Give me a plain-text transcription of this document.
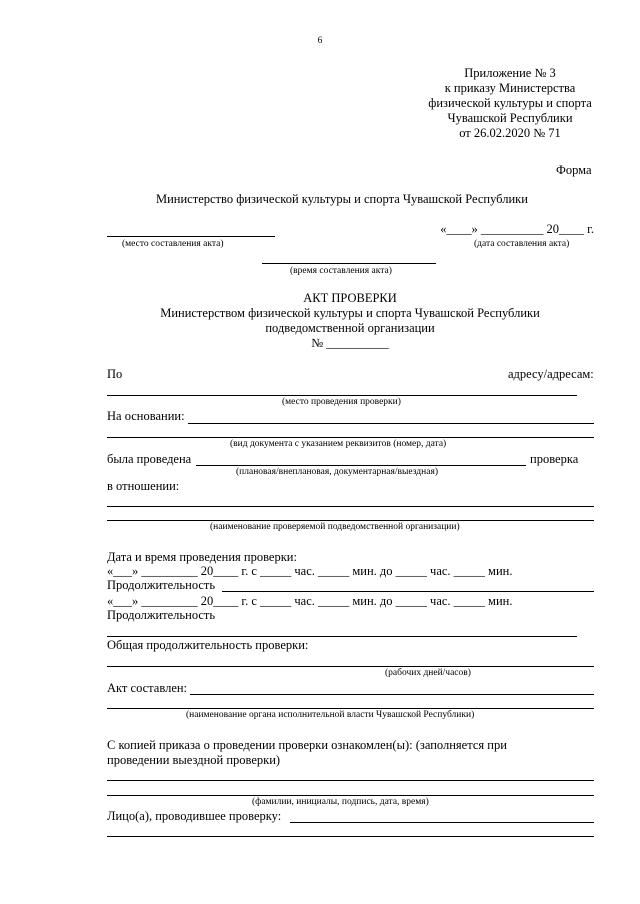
6
Приложение № 3
к приказу Министерства
физической культуры и спорта
Чувашской Республики
от 26.02.2020 № 71
Форма
Министерство физической культуры и спорта Чувашской Республики
(место составления акта)
«____» __________ 20____ г.
(дата составления акта)
(время составления акта)
АКТ ПРОВЕРКИ
Министерством физической культуры и спорта Чувашской Республики
подведомственной организации
№ __________
По	адресу/адресам:
(место проведения проверки)
На основании:
(вид документа с указанием реквизитов (номер, дата)
была проведена	проверка
(плановая/внеплановая, документарная/выездная)
в отношении:
(наименование проверяемой подведомственной организации)
Дата и время проведения проверки:
«___» _________ 20____ г. с _____ час. _____ мин. до _____ час. _____ мин.
Продолжительность
«___» _________ 20____ г. с _____ час. _____ мин. до _____ час. _____ мин.
Продолжительность
Общая продолжительность проверки:
(рабочих дней/часов)
Акт составлен:
(наименование органа исполнительной власти Чувашской Республики)
С копией приказа о проведении проверки ознакомлен(ы): (заполняется при
проведении выездной проверки)
(фамилии, инициалы, подпись, дата, время)
Лицо(а), проводившее проверку:
